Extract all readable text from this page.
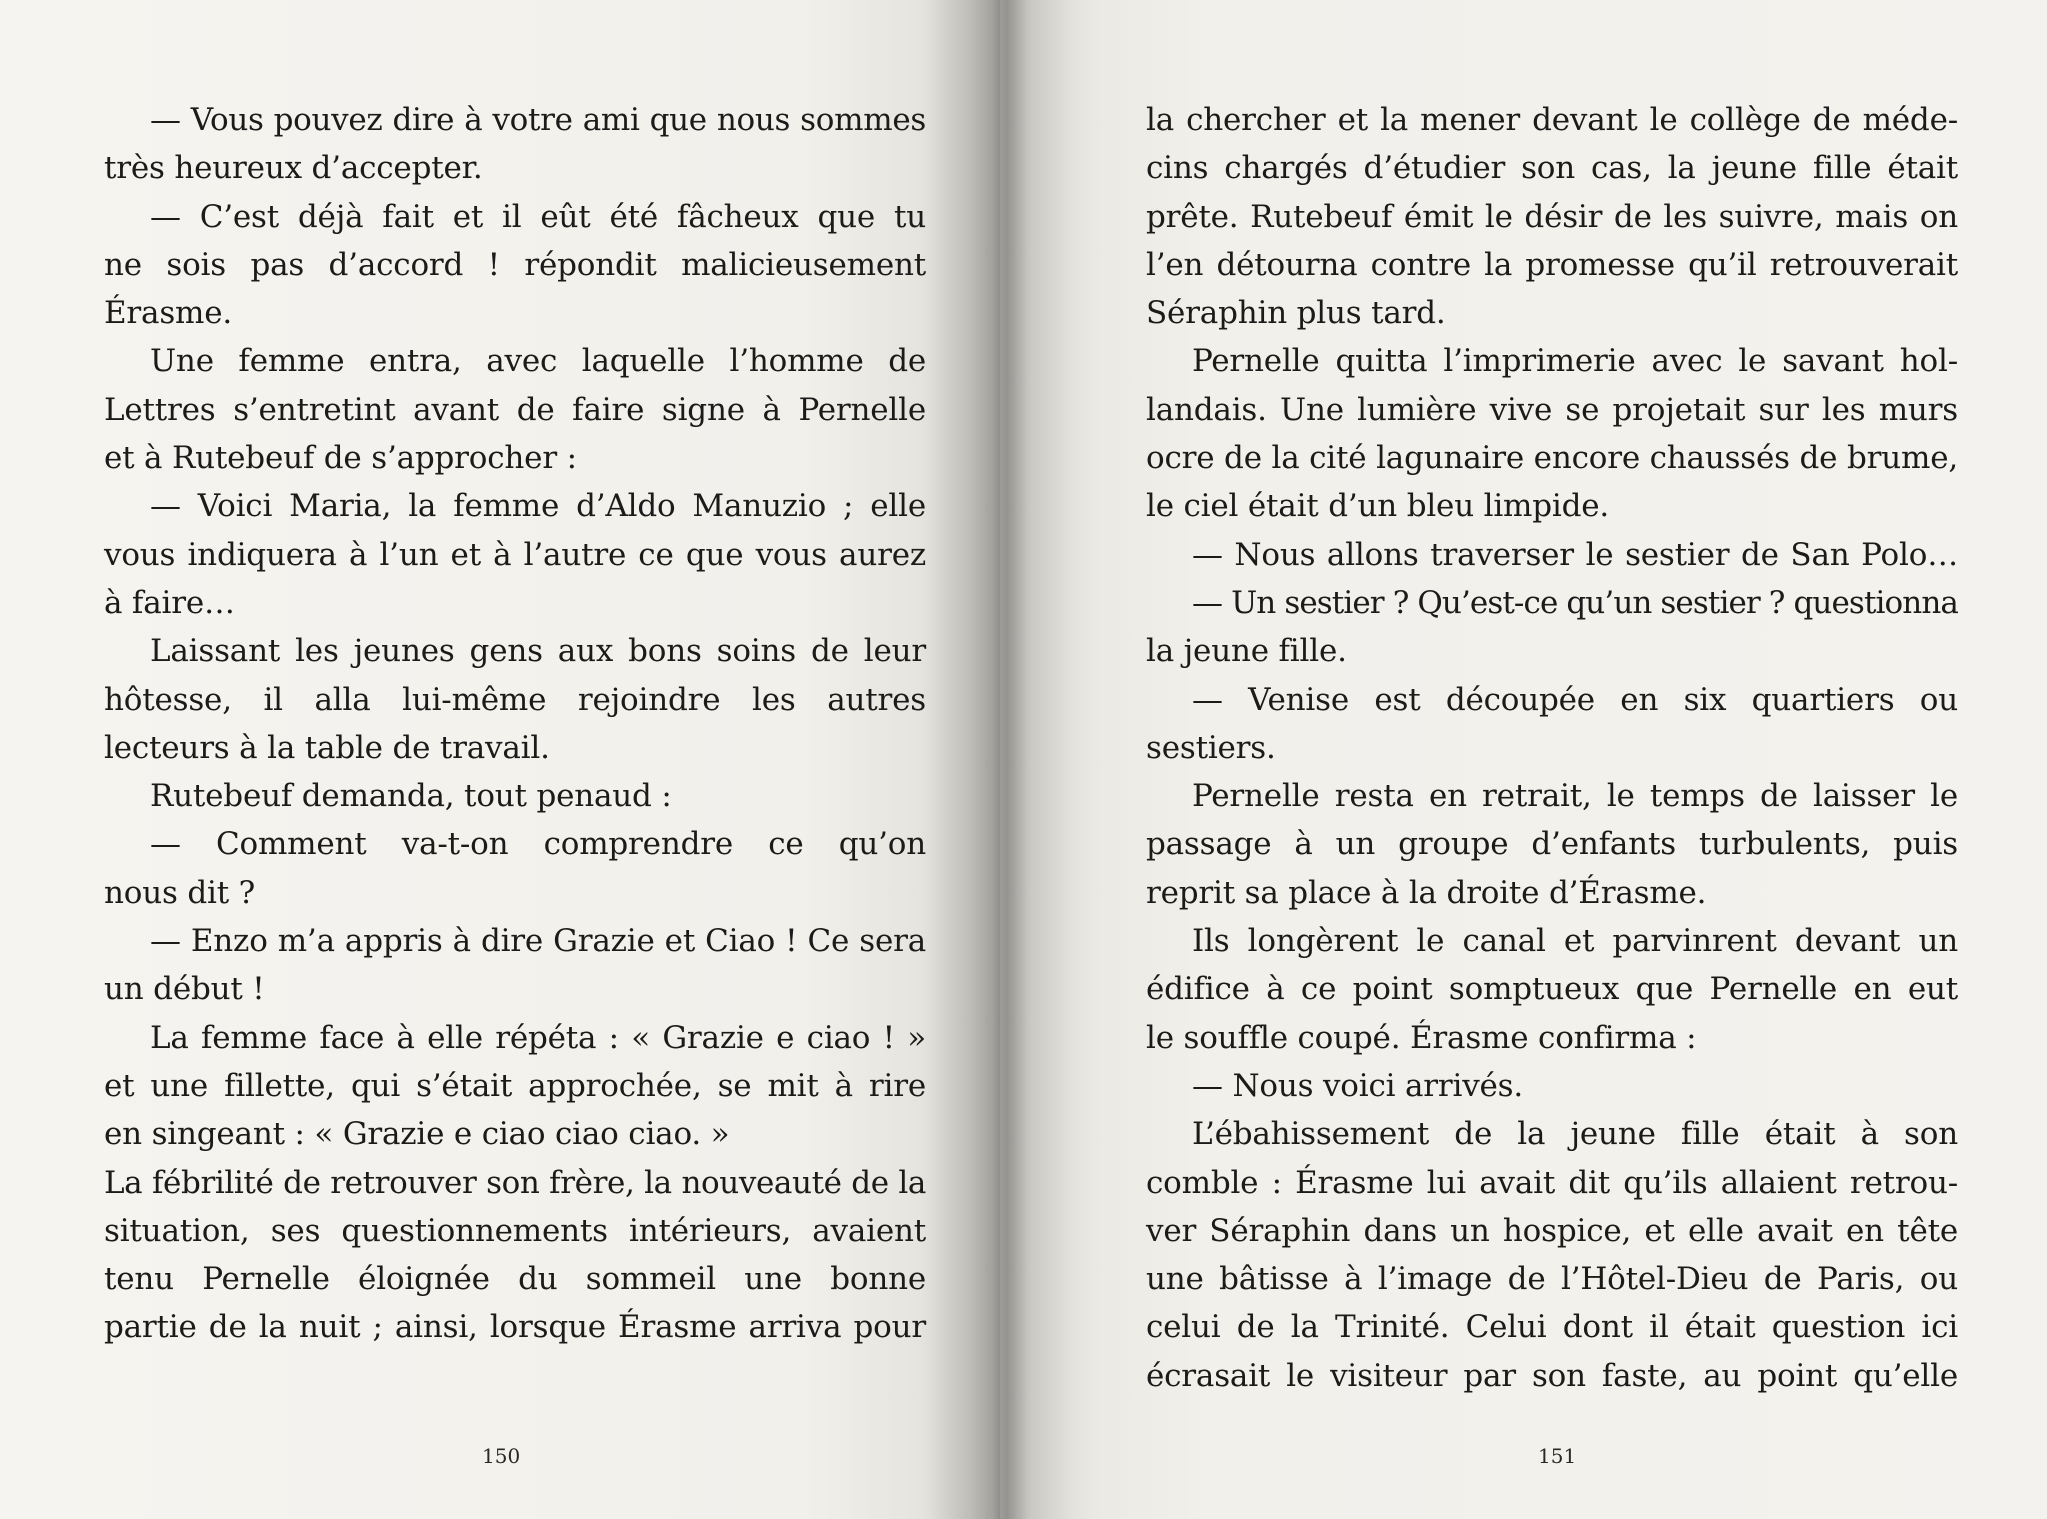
— Vous pouvez dire à votre ami que nous sommes
très heureux d’accepter.
— C’est déjà fait et il eût été fâcheux que tu
ne sois pas d’accord ! répondit malicieusement
Érasme.
Une femme entra, avec laquelle l’homme de
Lettres s’entretint avant de faire signe à Pernelle
et à Rutebeuf de s’approcher :
— Voici Maria, la femme d’Aldo Manuzio ; elle
vous indiquera à l’un et à l’autre ce que vous aurez
à faire…
Laissant les jeunes gens aux bons soins de leur
hôtesse, il alla lui-même rejoindre les autres
lecteurs à la table de travail.
Rutebeuf demanda, tout penaud :
— Comment va-t-on comprendre ce qu’on
nous dit ?
— Enzo m’a appris à dire Grazie et Ciao ! Ce sera
un début !
La femme face à elle répéta : « Grazie e ciao ! »
et une fillette, qui s’était approchée, se mit à rire
en singeant : « Grazie e ciao ciao ciao. »
La fébrilité de retrouver son frère, la nouveauté de la
situation, ses questionnements intérieurs, avaient
tenu Pernelle éloignée du sommeil une bonne
partie de la nuit ; ainsi, lorsque Érasme arriva pour
150
la chercher et la mener devant le collège de méde-
cins chargés d’étudier son cas, la jeune fille était
prête. Rutebeuf émit le désir de les suivre, mais on
l’en détourna contre la promesse qu’il retrouverait
Séraphin plus tard.
Pernelle quitta l’imprimerie avec le savant hol-
landais. Une lumière vive se projetait sur les murs
ocre de la cité lagunaire encore chaussés de brume,
le ciel était d’un bleu limpide.
— Nous allons traverser le sestier de San Polo…
— Un sestier ? Qu’est-ce qu’un sestier ? questionna
la jeune fille.
— Venise est découpée en six quartiers ou
sestiers.
Pernelle resta en retrait, le temps de laisser le
passage à un groupe d’enfants turbulents, puis
reprit sa place à la droite d’Érasme.
Ils longèrent le canal et parvinrent devant un
édifice à ce point somptueux que Pernelle en eut
le souffle coupé. Érasme confirma :
— Nous voici arrivés.
L’ébahissement de la jeune fille était à son
comble : Érasme lui avait dit qu’ils allaient retrou-
ver Séraphin dans un hospice, et elle avait en tête
une bâtisse à l’image de l’Hôtel-Dieu de Paris, ou
celui de la Trinité. Celui dont il était question ici
écrasait le visiteur par son faste, au point qu’elle
151
